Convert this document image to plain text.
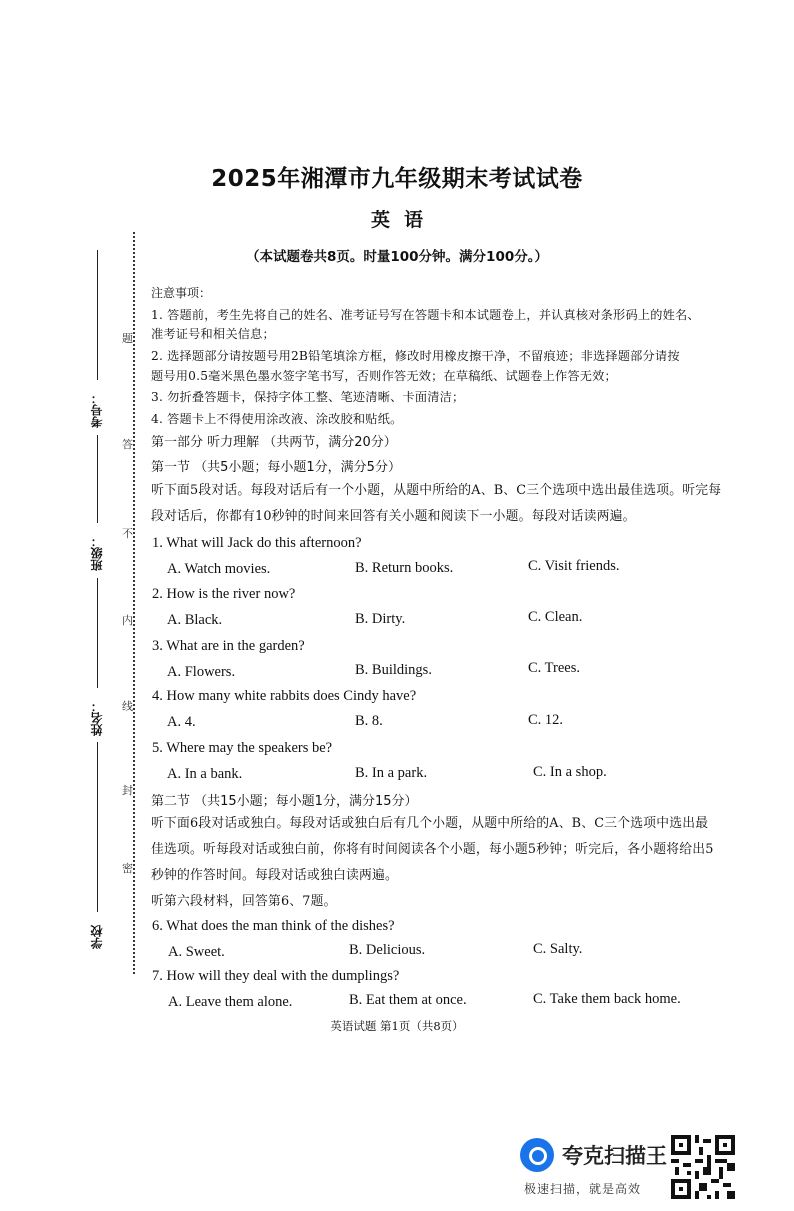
题
答
不
内
线
封
密
考号：
班级：
姓名：
学校
2025年湘潭市九年级期末考试试卷
英语
（本试题卷共8页。时量100分钟。满分100分。）
注意事项：
1. 答题前，考生先将自己的姓名、准考证号写在答题卡和本试题卷上，并认真核对条形码上的姓名、
准考证号和相关信息；
2. 选择题部分请按题号用2B铅笔填涂方框，修改时用橡皮擦干净，不留痕迹；非选择题部分请按
题号用0.5毫米黑色墨水签字笔书写，否则作答无效；在草稿纸、试题卷上作答无效；
3. 勿折叠答题卡，保持字体工整、笔迹清晰、卡面清洁；
4. 答题卡上不得使用涂改液、涂改胶和贴纸。
第一部分 听力理解 （共两节，满分20分）
第一节 （共5小题；每小题1分，满分5分）
听下面5段对话。每段对话后有一个小题，从题中所给的A、B、C三个选项中选出最佳选项。听完每
段对话后，你都有10秒钟的时间来回答有关小题和阅读下一小题。每段对话读两遍。
1. What will Jack do this afternoon?
A. Watch movies.	B. Return books.	C. Visit friends.
2. How is the river now?
A. Black.	B. Dirty.	C. Clean.
3. What are in the garden?
A. Flowers.	B. Buildings.	C. Trees.
4. How many white rabbits does Cindy have?
A. 4.	B. 8.	C. 12.
5. Where may the speakers be?
A. In a bank.	B. In a park.	C. In a shop.
第二节 （共15小题；每小题1分，满分15分）
听下面6段对话或独白。每段对话或独白后有几个小题，从题中所给的A、B、C三个选项中选出最
佳选项。听每段对话或独白前，你将有时间阅读各个小题，每小题5秒钟；听完后，各小题将给出5
秒钟的作答时间。每段对话或独白读两遍。
听第六段材料，回答第6、7题。
6. What does the man think of the dishes?
A. Sweet.	B. Delicious.	C. Salty.
7. How will they deal with the dumplings?
A. Leave them alone.	B. Eat them at once.	C. Take them back home.
英语试题 第1页（共8页）
夸克扫描王
极速扫描，就是高效
